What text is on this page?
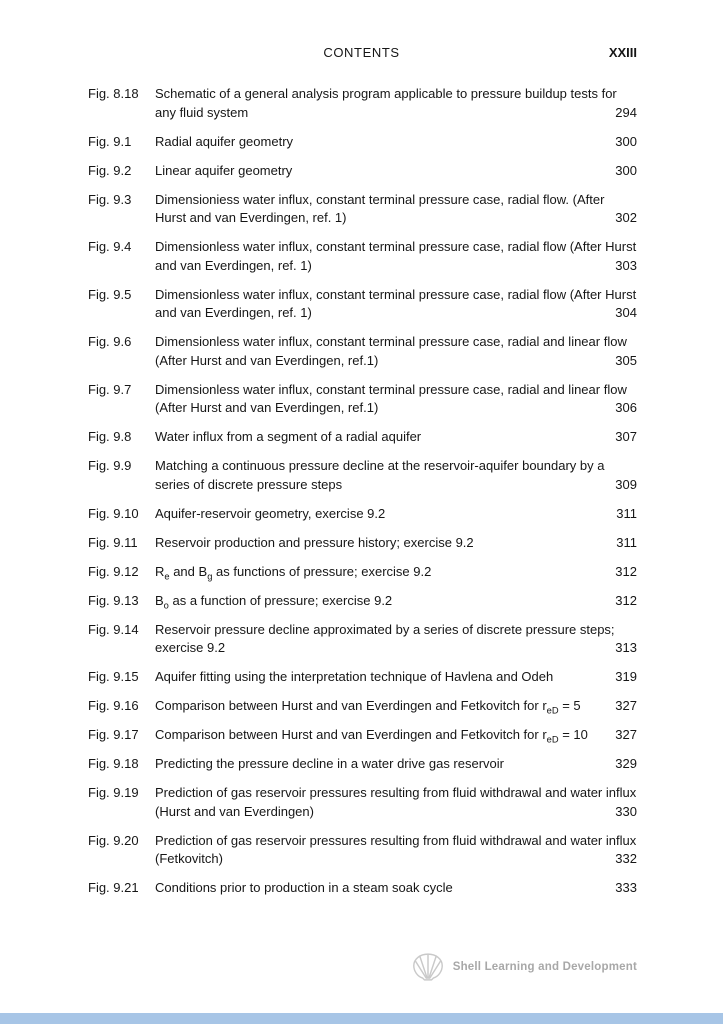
CONTENTS	XXIII
Fig. 8.18 Schematic of a general analysis program applicable to pressure buildup tests for any fluid system	294
Fig. 9.1 Radial aquifer geometry	300
Fig. 9.2 Linear aquifer geometry	300
Fig. 9.3 Dimensioniess water influx, constant terminal pressure case, radial flow. (After Hurst and van Everdingen, ref. 1)	302
Fig. 9.4 Dimensionless water influx, constant terminal pressure case, radial flow (After Hurst and van Everdingen, ref. 1)	303
Fig. 9.5 Dimensionless water influx, constant terminal pressure case, radial flow (After Hurst and van Everdingen, ref. 1)	304
Fig. 9.6 Dimensionless water influx, constant terminal pressure case, radial and linear flow (After Hurst and van Everdingen, ref.1)	305
Fig. 9.7 Dimensionless water influx, constant terminal pressure case, radial and linear flow (After Hurst and van Everdingen, ref.1)	306
Fig. 9.8 Water influx from a segment of a radial aquifer	307
Fig. 9.9 Matching a continuous pressure decline at the reservoir-aquifer boundary by a series of discrete pressure steps	309
Fig. 9.10 Aquifer-reservoir geometry, exercise 9.2	311
Fig. 9.11 Reservoir production and pressure history; exercise 9.2	311
Fig. 9.12 $R_e$ and $B_g$ as functions of pressure; exercise 9.2	312
Fig. 9.13 $B_o$ as a function of pressure; exercise 9.2	312
Fig. 9.14 Reservoir pressure decline approximated by a series of discrete pressure steps; exercise 9.2	313
Fig. 9.15 Aquifer fitting using the interpretation technique of Havlena and Odeh	319
Fig. 9.16 Comparison between Hurst and van Everdingen and Fetkovitch for $r_{eD} = 5$	327
Fig. 9.17 Comparison between Hurst and van Everdingen and Fetkovitch for $r_{eD} = 10$	327
Fig. 9.18 Predicting the pressure decline in a water drive gas reservoir	329
Fig. 9.19 Prediction of gas reservoir pressures resulting from fluid withdrawal and water influx (Hurst and van Everdingen)	330
Fig. 9.20 Prediction of gas reservoir pressures resulting from fluid withdrawal and water influx (Fetkovitch)	332
Fig. 9.21 Conditions prior to production in a steam soak cycle	333
Shell Learning and Development
